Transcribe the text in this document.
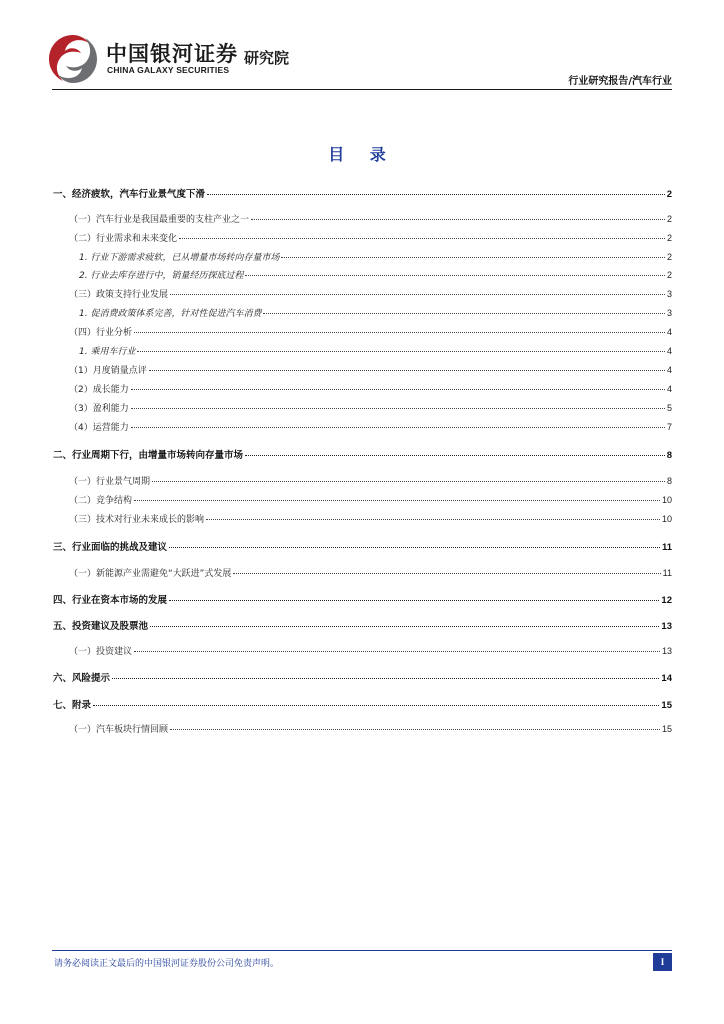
中国银河证券 研究院
CHINA GALAXY SECURITIES
行业研究报告/汽车行业
目 录
一、经济疲软，汽车行业景气度下滑	2
（一）汽车行业是我国最重要的支柱产业之一	2
（二）行业需求和未来变化	2
1. 行业下游需求疲软，已从增量市场转向存量市场	2
2. 行业去库存进行中，销量经历探底过程	2
（三）政策支持行业发展	3
1. 促消费政策体系完善，针对性促进汽车消费	3
（四）行业分析	4
1. 乘用车行业	4
（1）月度销量点评	4
（2）成长能力	4
（3）盈利能力	5
（4）运营能力	7
二、行业周期下行，由增量市场转向存量市场	8
（一）行业景气周期	8
（二）竞争结构	10
（三）技术对行业未来成长的影响	10
三、行业面临的挑战及建议	11
（一）新能源产业需避免“大跃进”式发展	11
四、行业在资本市场的发展	12
五、投资建议及股票池	13
（一）投资建议	13
六、风险提示	14
七、附录	15
（一）汽车板块行情回顾	15
请务必阅读正文最后的中国银河证券股份公司免责声明。	I
